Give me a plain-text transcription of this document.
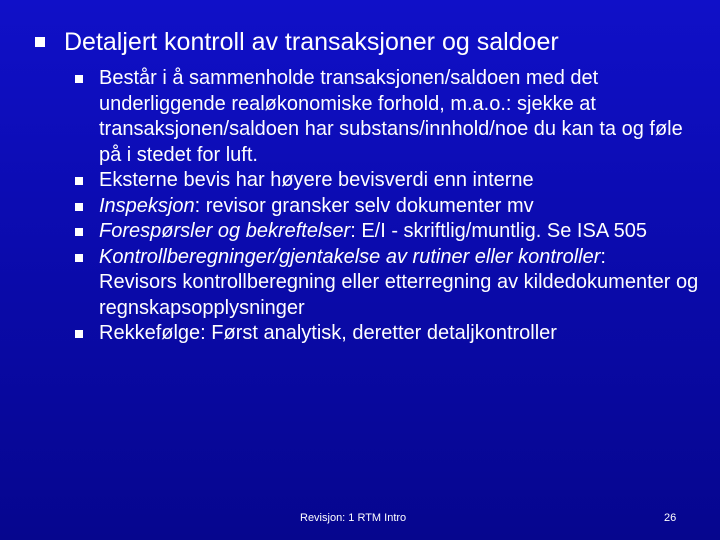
Detaljert kontroll av transaksjoner og saldoer
Består i å sammenholde transaksjonen/saldoen med det underliggende realøkonomiske forhold, m.a.o.: sjekke at transaksjonen/saldoen har substans/innhold/noe du kan ta og føle på i stedet for luft.
Eksterne bevis har høyere bevisverdi enn interne
Inspeksjon: revisor gransker selv dokumenter mv
Forespørsler og bekreftelser: E/I - skriftlig/muntlig. Se ISA 505
Kontrollberegninger/gjentakelse av rutiner eller kontroller:        Revisors kontrollberegning eller etterregning av kildedokumenter og regnskapsopplysninger
Rekkefølge: Først analytisk, deretter detaljkontroller
Revisjon: 1 RTM Intro	26
